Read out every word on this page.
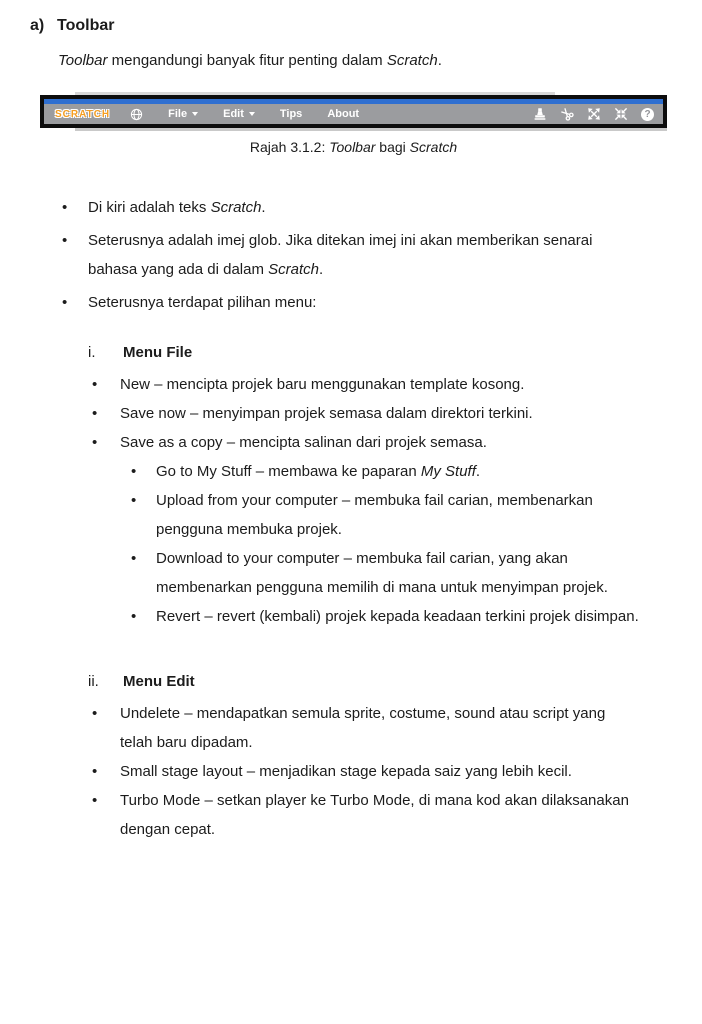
a) Toolbar

Toolbar mengandungi banyak fitur penting dalam Scratch.

SCRATCH	File	Edit	Tips About	?

Rajah 3.1.2: Toolbar bagi Scratch

•	Di kiri adalah teks Scratch.
•	Seterusnya adalah imej glob. Jika ditekan imej ini akan memberikan senarai bahasa yang ada di dalam Scratch.
•	Seterusnya terdapat pilihan menu:
i. Menu File
•	New – mencipta projek baru menggunakan template kosong.
•	Save now – menyimpan projek semasa dalam direktori terkini.
•	Save as a copy – mencipta salinan dari projek semasa.
•	Go to My Stuff – membawa ke paparan My Stuff.
•	Upload from your computer – membuka fail carian, membenarkan pengguna membuka projek.
•	Download to your computer – membuka fail carian, yang akan membenarkan pengguna memilih di mana untuk menyimpan projek.
•	Revert – revert (kembali) projek kepada keadaan terkini projek disimpan.
ii. Menu Edit
•	Undelete – mendapatkan semula sprite, costume, sound atau script yang telah baru dipadam.
•	Small stage layout – menjadikan stage kepada saiz yang lebih kecil.
•	Turbo Mode – setkan player ke Turbo Mode, di mana kod akan dilaksanakan dengan cepat.
